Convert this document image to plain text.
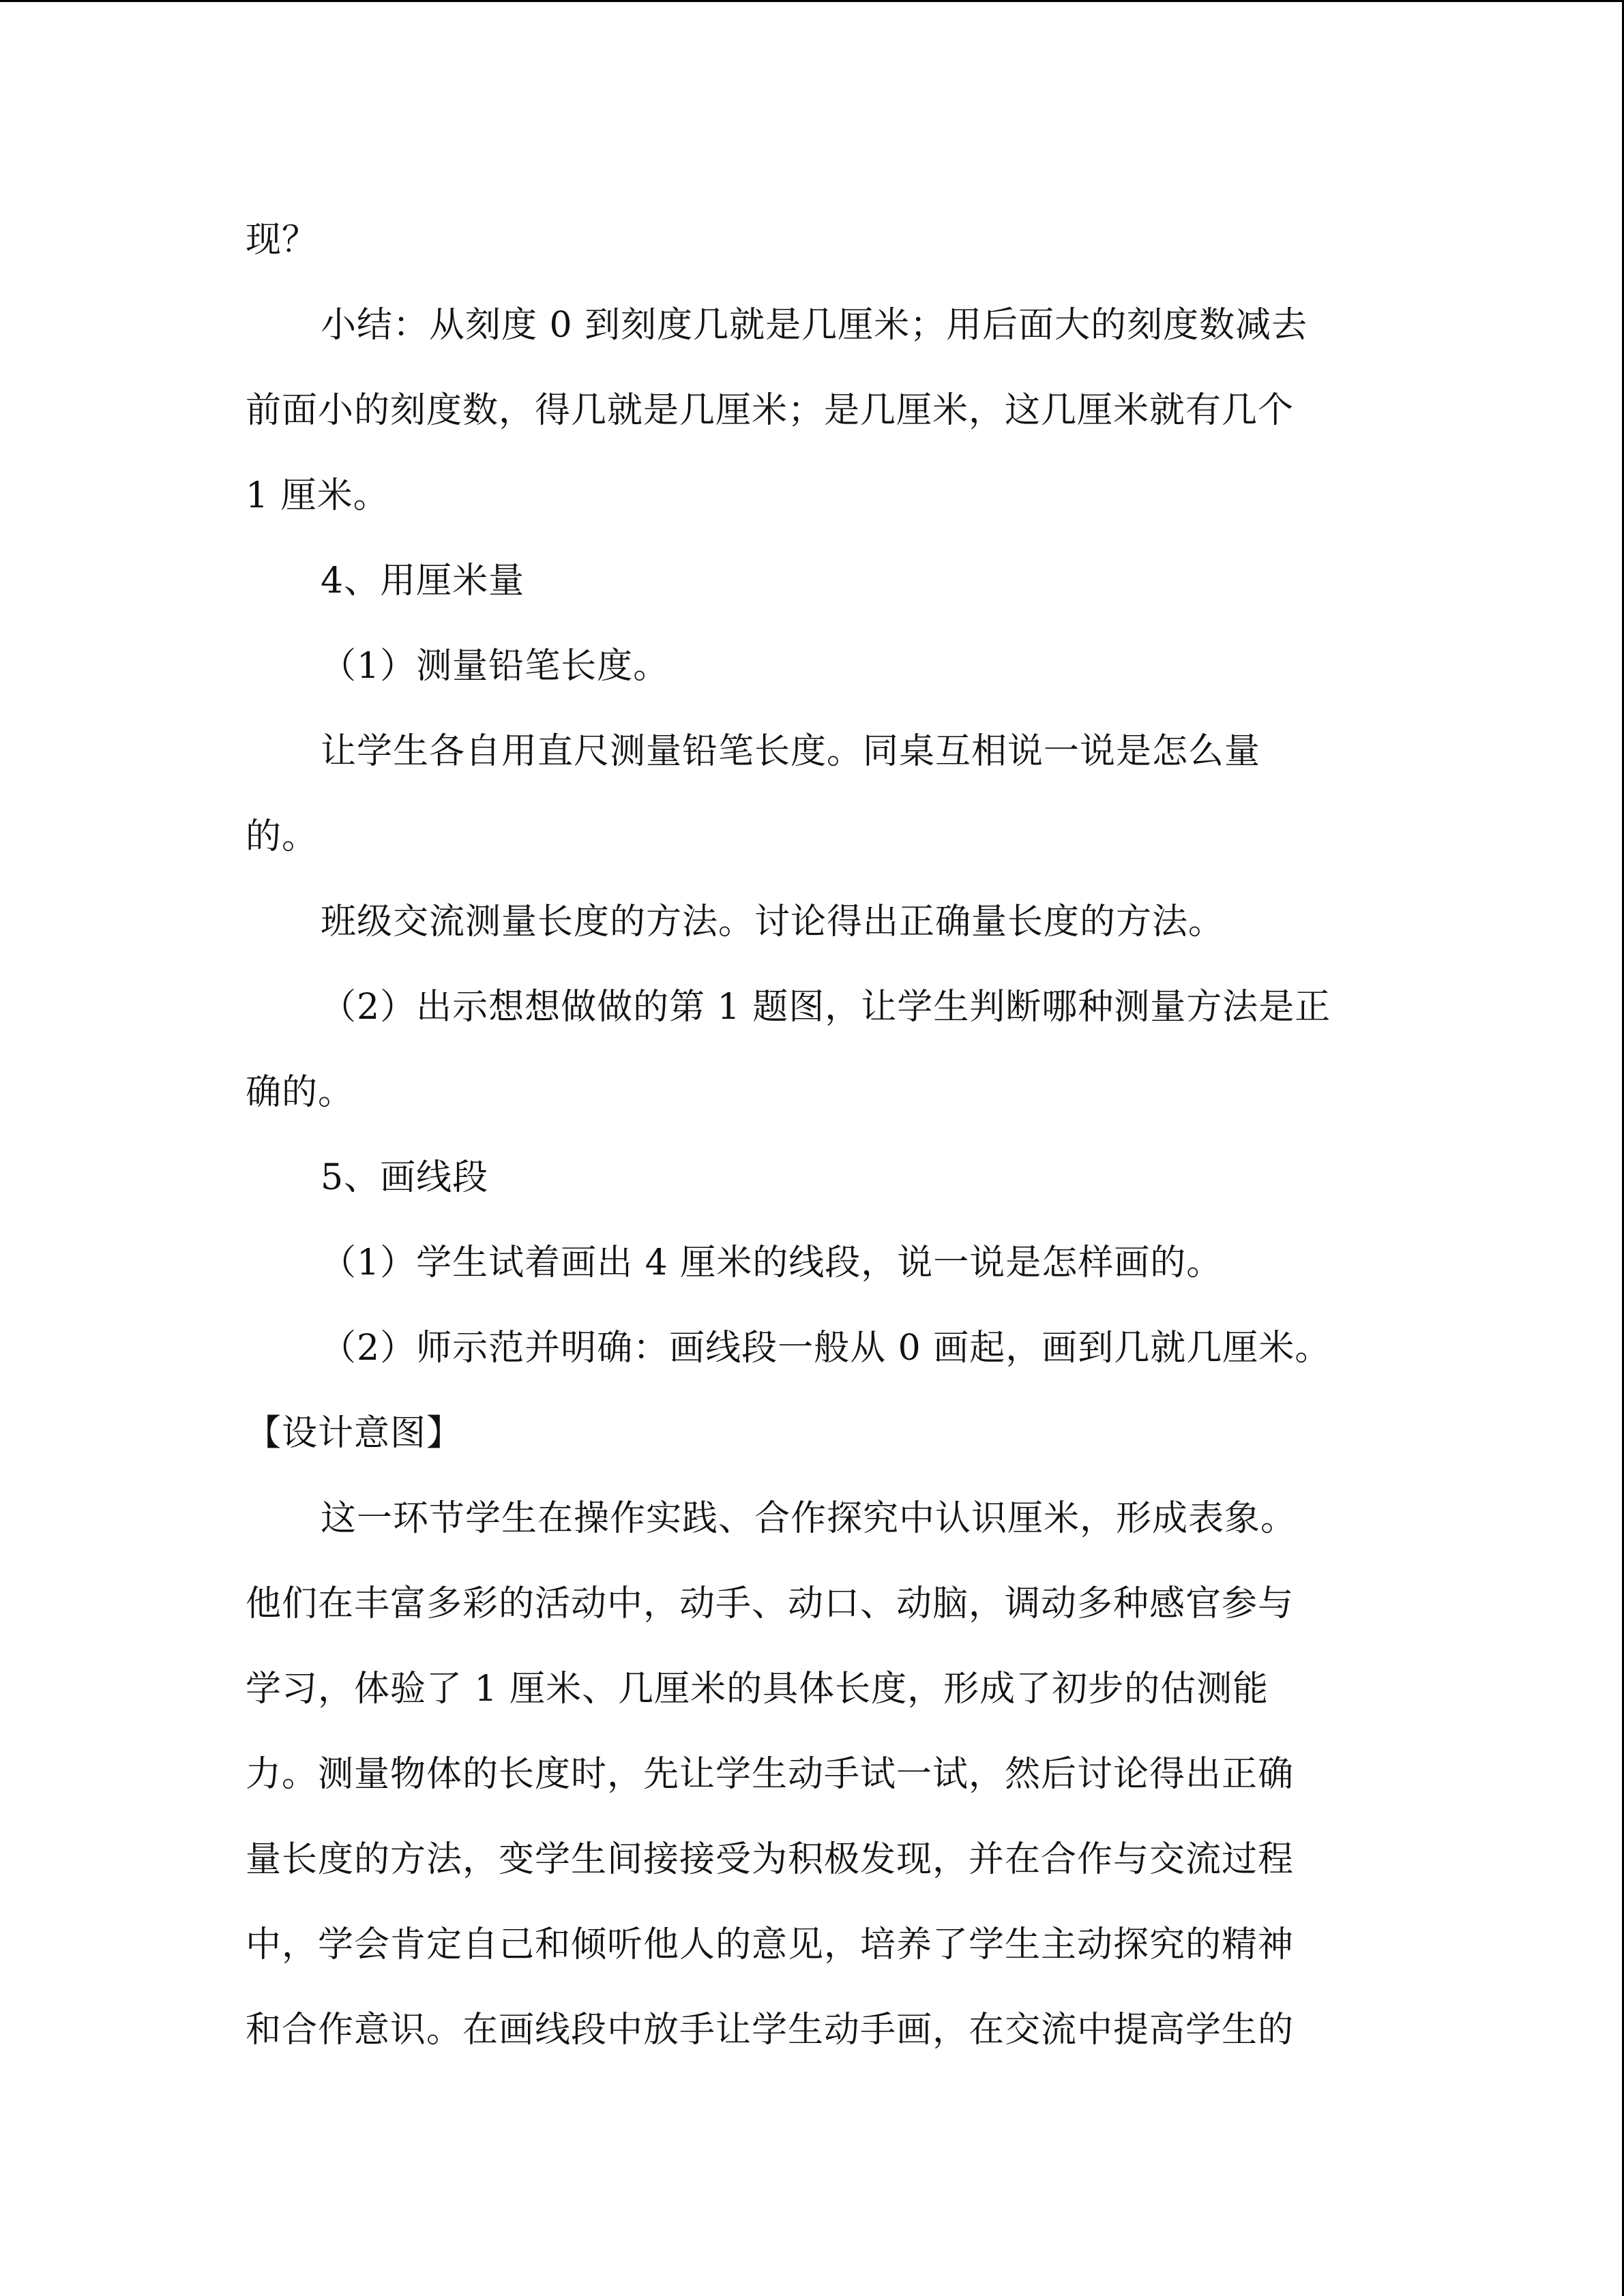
现？
小结：从刻度 0 到刻度几就是几厘米；用后面大的刻度数减去
前面小的刻度数，得几就是几厘米；是几厘米，这几厘米就有几个
1 厘米。
4、用厘米量
（1）测量铅笔长度。
让学生各自用直尺测量铅笔长度。同桌互相说一说是怎么量
的。
班级交流测量长度的方法。讨论得出正确量长度的方法。
（2）出示想想做做的第 1 题图，让学生判断哪种测量方法是正
确的。
5、画线段
（1）学生试着画出 4 厘米的线段，说一说是怎样画的。
（2）师示范并明确：画线段一般从 0 画起，画到几就几厘米。
【设计意图】
这一环节学生在操作实践、合作探究中认识厘米，形成表象。
他们在丰富多彩的活动中，动手、动口、动脑，调动多种感官参与
学习，体验了 1 厘米、几厘米的具体长度，形成了初步的估测能
力。测量物体的长度时，先让学生动手试一试，然后讨论得出正确
量长度的方法，变学生间接接受为积极发现，并在合作与交流过程
中，学会肯定自己和倾听他人的意见，培养了学生主动探究的精神
和合作意识。在画线段中放手让学生动手画，在交流中提高学生的
